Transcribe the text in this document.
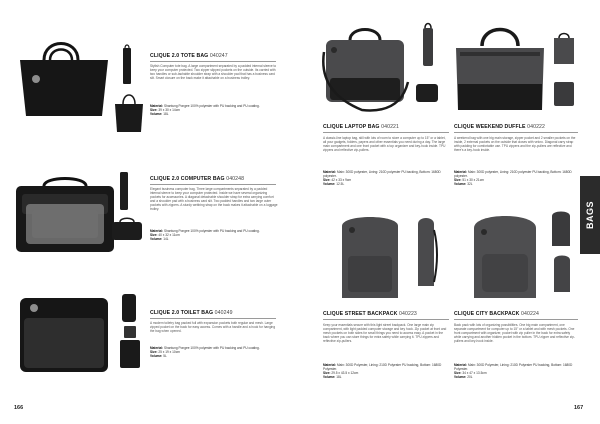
CLIQUE 2.0 TOTE BAG 040247
Stylish Computer tote bag. A large compartment separated by a padded internal sleeve to keep your computer protected. Two zipper slipped pockets on the outside. Its carried with two handles or sub-tachable shoulder strap with a shoulder pad that has a business card slit. Smart closure on the back make it attachable on a business trolley.
Material: Shantung Pongee 100% polyester with PU backing and PU coating.
Size: 39 x 30 x 14cm
Volume: 18L
CLIQUE 2.0 COMPUTER BAG 040248
Elegant business computer bag. Three large compartments separated by a padded internal sleeve to keep your computer protected. Inside we have several organizing pockets for accessories. A diagonal detachable shoulder strap for extra carrying comfort and a shoulder pad with a business card slit. Two padded handles and two large outer pockets with zippers. A sturdy webbing strap on the back makes it attachable on a luggage trolley.
Material: Shantung Pongee 100% polyester with PU backing and PU coating.
Size: 40 x 32 x 11cm
Volume: 14L
CLIQUE 2.0 TOILET BAG 040249
A modern toiletry bag packed full with expansion pockets both regular and mesh. Large zipped pocket on the back for easy access. Comes with a handle and a hook for hanging the bag when opened.
Material: Shantung Pongee 100% polyester with PU backing and PU coating.
Size: 25 x 19 x 10cm
Volume: 5L
166
CLIQUE LAPTOP BAG 040221
A classic-line laptop bag, still with lots of room to store a computer up to 15" or a tablet, all your gadgets, folders, papers and other essentials you need during a day. The large main compartment and one front pocket with a top organizer and key-hook inside. TPU zippers and reflective zip-pullers.
Material: Main: 300D polyester, Lining: 210D polyester PU backing, Bottom: 1680D polyester.
Size: 42 x 33 x 9cm
Volume: 12.5L
CLIQUE WEEKEND DUFFLE 040222
A weekend bag with one big main storage, zipper pocket and 2 smaller pockets on the inside, 2 external pockets on the outside that closes with velcro. Diagonal carry strap with padding for comfortable use. TPU zippers and the zip-pullers are reflective and there's a key-hook inside.
Material: Main: 300D polyester, Lining: 210D polyester PU backing, Bottom: 1680D polyester.
Size: 51 x 30 x 21cm
Volume: 32L
CLIQUE STREET BACKPACK 040223
Keep your essentials secure with this light street backpack. One large main zip compartment, with light padded computer storage and key hook. Zip pocket at front and mesh pockets on both sides for small things you need to access easy. A pocket in the back where you can store things for extra safety while carrying it. TPU zippers and reflective zip-pullers.
Material: Main: 300D Polyester, Lining: 210D Polyester PU backing, Bottom: 1680D Polyester.
Size: 29.5 x 43.5 x 12cm
Volume: 18L
CLIQUE CITY BACKPACK 040224
Back pack with lots of organizing possibilities. One big main compartment, one separate compartment for computer up to 15" or a tablet and with mesh pockets. One front compartment with organizer, pocket with zip puller in the back for extra safety while carrying and another hidden pocket in the bottom. TPU zipper and reflective zip-pullers and key-hook inside.
Material: Main: 300D Polyester, Lining: 210D Polyester PU backing, Bottom: 1680D Polyester.
Size: 34 x 47 x 13.5cm
Volume: 20L
BAGS
167
